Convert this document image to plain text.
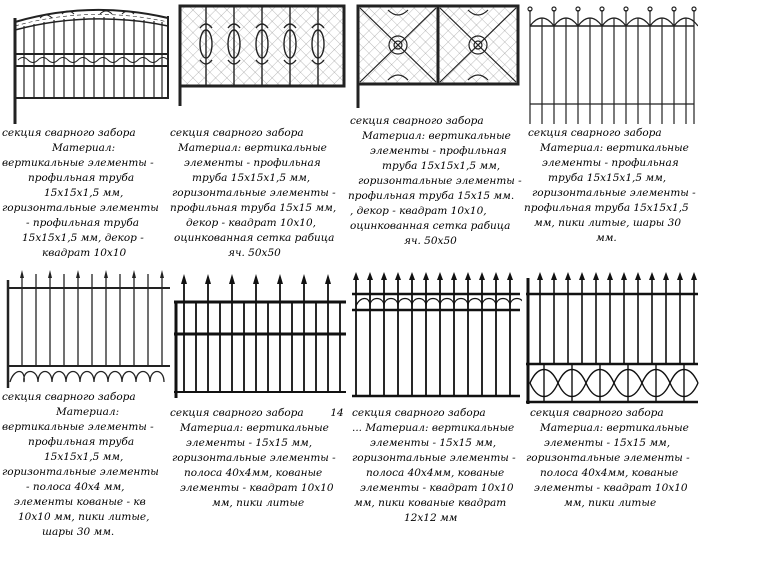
секция сварного забора
Материал:
вертикальные элементы -
профильная труба
15х15х1,5 мм,
горизонтальные элементы
- профильная труба
15х15х1,5 мм, декор -
квадрат 10х10
секция сварного забора
Материал: вертикальные
элементы - профильная
труба 15х15х1,5 мм,
горизонтальные элементы -
профильная труба 15х15 мм,
декор - квадрат 10х10,
оцинкованная сетка рабица
яч. 50х50
секция сварного забора
Материал: вертикальные
элементы - профильная
труба 15х15х1,5 мм,
горизонтальные элементы -
профильная труба 15х15 мм.
, декор - квадрат 10х10,
оцинкованная сетка рабица
яч. 50х50
секция сварного забора
Материал: вертикальные
элементы - профильная
труба 15х15х1,5 мм,
горизонтальные элементы -
профильная труба 15х15х1,5
мм, пики литые, шары 30
мм.
секция сварного забора
Материал:
вертикальные элементы -
профильная труба
15х15х1,5 мм,
горизонтальные элементы
- полоса 40х4 мм,
элементы кованые - кв
10х10 мм, пики литые,
шары 30 мм.
секция сварного забора        14
Материал: вертикальные
элементы - 15х15 мм,
горизонтальные элементы -
полоса 40х4мм, кованые
элементы - квадрат 10х10
мм, пики литые
секция сварного забора
... Материал: вертикальные
элементы - 15х15 мм,
горизонтальные элементы -
полоса 40х4мм, кованые
элементы - квадрат 10х10
мм, пики кованые квадрат
12х12 мм
секция сварного забора
Материал: вертикальные
элементы - 15х15 мм,
горизонтальные элементы -
полоса 40х4мм, кованые
элементы - квадрат 10х10
мм, пики литые
